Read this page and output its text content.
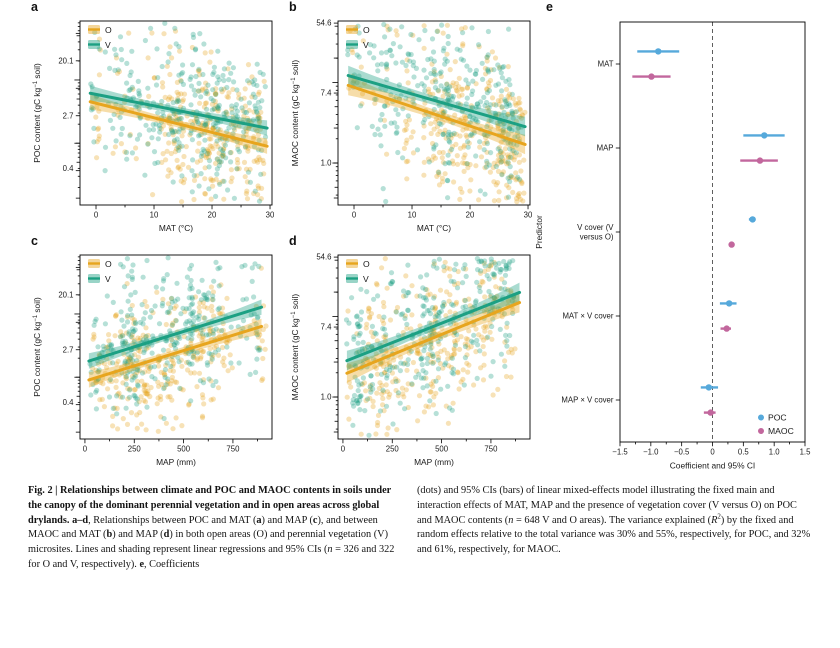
0	10	20	30
0.4
2.7
20.1
MAT (°C)
POC content (gC $kg^{-1}$ soil)
O
V
0	10	20	30
1.0
7.4
54.6
MAT (°C)
MAOC content (gC $kg^{-1}$ soil)
O
V
0	250	500	750
0.4
2.7
20.1
MAP (mm)
POC content (gC $kg^{-1}$ soil)
O
V
0	250	500	750
1.0
7.4
54.6
MAP (mm)
MAOC content (gC $kg^{-1}$ soil)
O
V
−1.5 −1.0 −0.5	0	0.5	1.0	1.5
MAT
MAP
V cover (V
versus O)
MAT × V cover
MAP × V cover
Coefficient and 95% CI
Predictor
POC
MAOC
a	b
c	d
e
Fig. 2 | Relationships between climate and POC and MAOC contents in soils under the canopy of the dominant perennial vegetation and in open areas across global drylands. a–d, Relationships between POC and MAT (a) and MAP (c), and between MAOC and MAT (b) and MAP (d) in both open areas (O) and perennial vegetation (V) microsites. Lines and shading represent linear regressions and 95% CIs (n = 326 and 322 for O and V, respectively). e, Coefficients
(dots) and 95% CIs (bars) of linear mixed-effects model illustrating the fixed main and interaction effects of MAT, MAP and the presence of vegetation cover (V versus O) on POC and MAOC contents (n = 648 V and O areas). The variance explained $(R^2)$ by the fixed and random effects relative to the total variance was 30% and 55%, respectively, for POC, and 32% and 61%, respectively, for MAOC.
